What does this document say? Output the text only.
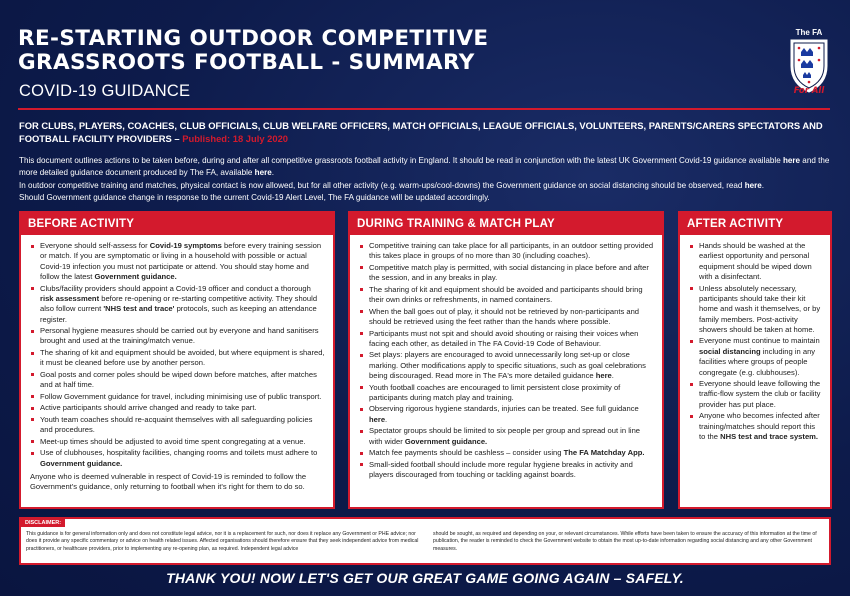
RE-STARTING OUTDOOR COMPETITIVE GRASSROOTS FOOTBALL - SUMMARY
COVID-19 GUIDANCE
The FA
For All
FOR CLUBS, PLAYERS, COACHES, CLUB OFFICIALS, CLUB WELFARE OFFICERS, MATCH OFFICIALS, LEAGUE OFFICIALS, VOLUNTEERS, PARENTS/CARERS SPECTATORS AND FOOTBALL FACILITY PROVIDERS – Published: 18 July 2020

This document outlines actions to be taken before, during and after all competitive grassroots football activity in England. It should be read in conjunction with the latest UK Government Covid-19 guidance available here and the more detailed guidance document produced by The FA, available here.

In outdoor competitive training and matches, physical contact is now allowed, but for all other activity (e.g. warm-ups/cool-downs) the Government guidance on social distancing should be observed, read here.

Should Government guidance change in response to the current Covid-19 Alert Level, The FA guidance will be updated accordingly.

BEFORE ACTIVITY
Everyone should self-assess for Covid-19 symptoms before every training session or match. If you are symptomatic or living in a household with possible or actual Covid-19 infection you must not participate or attend. You should stay home and follow the latest Government guidance.
Clubs/facility providers should appoint a Covid-19 officer and conduct a thorough risk assessment before re-opening or re-starting competitive activity. They should also follow current 'NHS test and trace' protocols, such as keeping an attendance register.
Personal hygiene measures should be carried out by everyone and hand sanitisers brought and used at the training/match venue.
The sharing of kit and equipment should be avoided, but where equipment is shared, it must be cleaned before use by another person.
Goal posts and corner poles should be wiped down before matches, after matches and at half time.
Follow Government guidance for travel, including minimising use of public transport.
Active participants should arrive changed and ready to take part.
Youth team coaches should re-acquaint themselves with all safeguarding policies and procedures.
Meet-up times should be adjusted to avoid time spent congregating at a venue.
Use of clubhouses, hospitality facilities, changing rooms and toilets must adhere to Government guidance.
Anyone who is deemed vulnerable in respect of Covid-19 is reminded to follow the Government's guidance, only returning to football when it's right for them to do so.
DURING TRAINING & MATCH PLAY
Competitive training can take place for all participants, in an outdoor setting provided this takes place in groups of no more than 30 (including coaches).
Competitive match play is permitted, with social distancing in place before and after the session, and in any breaks in play.
The sharing of kit and equipment should be avoided and participants should bring their own drinks or refreshments, in named containers.
When the ball goes out of play, it should not be retrieved by non-participants and should be retrieved using the feet rather than the hands where possible.
Participants must not spit and should avoid shouting or raising their voices when facing each other, as detailed in The FA Covid-19 Code of Behaviour.
Set plays: players are encouraged to avoid unnecessarily long set-up or close marking. Other modifications apply to specific situations, such as goal celebrations being discouraged. Read more in The FA's more detailed guidance here.
Youth football coaches are encouraged to limit persistent close proximity of participants during match play and training.
Observing rigorous hygiene standards, injuries can be treated. See full guidance here.
Spectator groups should be limited to six people per group and spread out in line with wider Government guidance.
Match fee payments should be cashless – consider using The FA Matchday App.
Small-sided football should include more regular hygiene breaks in activity and players discouraged from touching or tackling against boards.
AFTER ACTIVITY
Hands should be washed at the earliest opportunity and personal equipment should be wiped down with a disinfectant.
Unless absolutely necessary, participants should take their kit home and wash it themselves, or by family members. Post-activity showers should be taken at home.
Everyone must continue to maintain social distancing including in any facilities where groups of people congregate (e.g. clubhouses).
Everyone should leave following the traffic-flow system the club or facility provider has put place.
Anyone who becomes infected after training/matches should report this to the NHS test and trace system.
DISCLAIMER:
This guidance is for general information only and does not constitute legal advice, nor it is a replacement for such, nor does it replace any Government or PHE advice; nor does it provide any specific commentary or advice on health related issues. Affected organisations should therefore ensure that they seek independent advice from medical practitioners, or healthcare providers, prior to implementing any re-opening plan, as required. Independent legal advice
should be sought, as required and depending on your, or relevant circumstances. While efforts have been taken to ensure the accuracy of this information at the time of publication, the reader is reminded to check the Government website to obtain the most up-to-date information regarding social distancing and any other Government measures.
THANK YOU! NOW LET'S GET OUR GREAT GAME GOING AGAIN – SAFELY.
